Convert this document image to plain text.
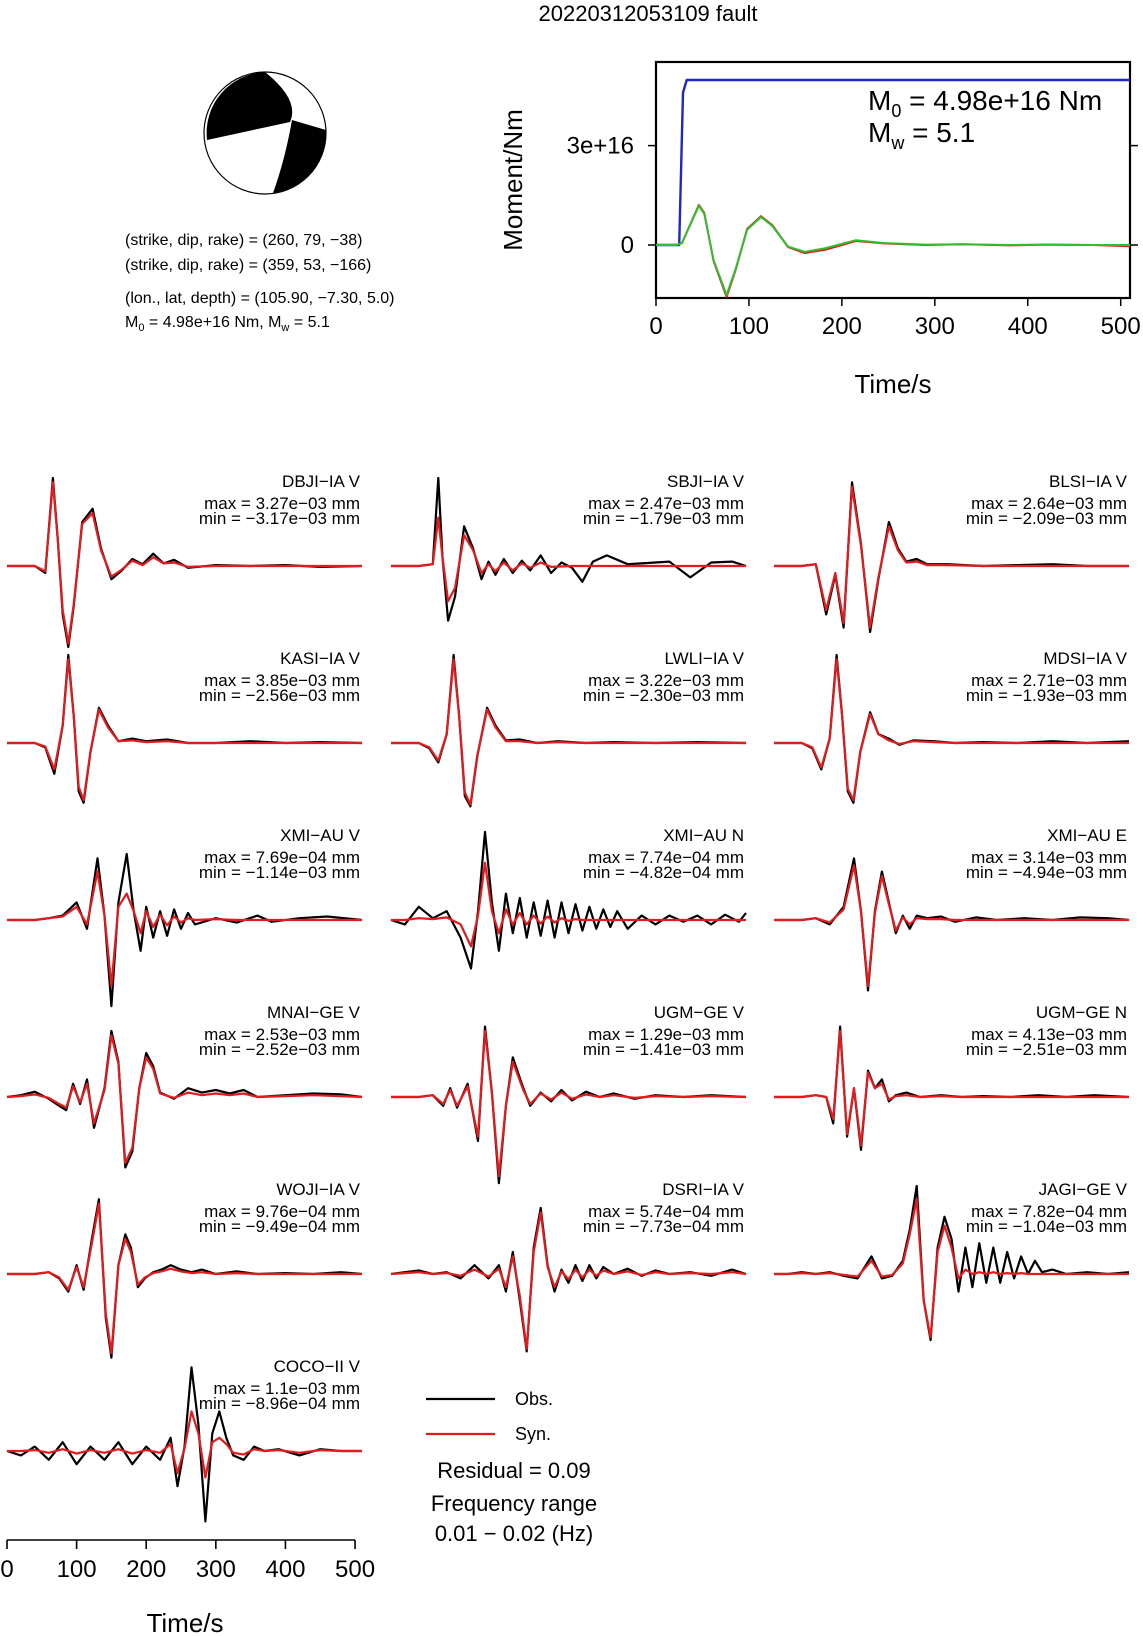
20220312053109 fault
(strike, dip, rake) = (260, 79, −38)
(strike, dip, rake) = (359, 53, −166)
(lon., lat, depth) = (105.90, −7.30, 5.0)
$M_0 = 4.98e+16$ Nm, $M_w = 5.1$	0	100 200 300 400 500
0
3e+16
Time/s
Moment/Nm
$M_0 = 4.98e+16$ Nm
$M_w = 5.1$
DBJI−IA V
max = 3.27e−03 mm
min = −3.17e−03 mm
SBJI−IA V
max = 2.47e−03 mm
min = −1.79e−03 mm
BLSI−IA V
max = 2.64e−03 mm
min = −2.09e−03 mm
KASI−IA V
max = 3.85e−03 mm
min = −2.56e−03 mm
LWLI−IA V
max = 3.22e−03 mm
min = −2.30e−03 mm
MDSI−IA V
max = 2.71e−03 mm
min = −1.93e−03 mm
XMI−AU V
max = 7.69e−04 mm
min = −1.14e−03 mm
XMI−AU N
max = 7.74e−04 mm
min = −4.82e−04 mm
XMI−AU E
max = 3.14e−03 mm
min = −4.94e−03 mm
MNAI−GE V
max = 2.53e−03 mm
min = −2.52e−03 mm
UGM−GE V
max = 1.29e−03 mm
min = −1.41e−03 mm
UGM−GE N
max = 4.13e−03 mm
min = −2.51e−03 mm
WOJI−IA V
max = 9.76e−04 mm
min = −9.49e−04 mm
DSRI−IA V
max = 5.74e−04 mm
min = −7.73e−04 mm
JAGI−GE V
max = 7.82e−04 mm
min = −1.04e−03 mm
COCO−II V
max = 1.1e−03 mm
min = −8.96e−04 mm	Obs.
Syn.
Residual = 0.09
Frequency range
0.01 − 0.02 (Hz)
0 100 200 300 400 500
Time/s
